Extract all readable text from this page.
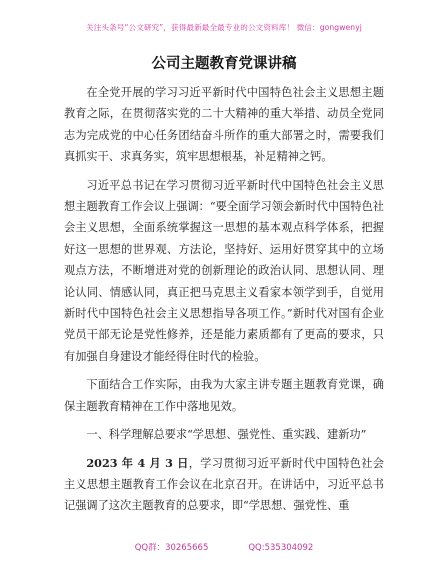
关注头条号“公文研究”，获得最新最全最专业的公文资料库！ 微信：gongwenyj
公司主题教育党课讲稿

在全党开展的学习习近平新时代中国特色社会主义思想主题教育之际，在贯彻落实党的二十大精神的重大举措、动员全党同志为完成党的中心任务团结奋斗所作的重大部署之时，需要我们真抓实干、求真务实，筑牢思想根基，补足精神之钙。

习近平总书记在学习贯彻习近平新时代中国特色社会主义思想主题教育工作会议上强调：“要全面学习领会新时代中国特色社会主义思想，全面系统掌握这一思想的基本观点科学体系，把握好这一思想的世界观、方法论，坚持好、运用好贯穿其中的立场观点方法，不断增进对党的创新理论的政治认同、思想认同、理论认同、情感认同，真正把马克思主义看家本领学到手，自觉用新时代中国特色社会主义思想指导各项工作。”新时代对国有企业党员干部无论是党性修养，还是能力素质都有了更高的要求，只有加强自身建设才能经得住时代的检验。

下面结合工作实际，由我为大家主讲专题主题教育党课，确保主题教育精神在工作中落地见效。

一、科学理解总要求“学思想、强党性、重实践、建新功”

2023 年 4 月 3 日，学习贯彻习近平新时代中国特色社会主义思想主题教育工作会议在北京召开。在讲话中，习近平总书记强调了这次主题教育的总要求，即“学思想、强党性、重

QQ群：30265665	QQ:535304092
